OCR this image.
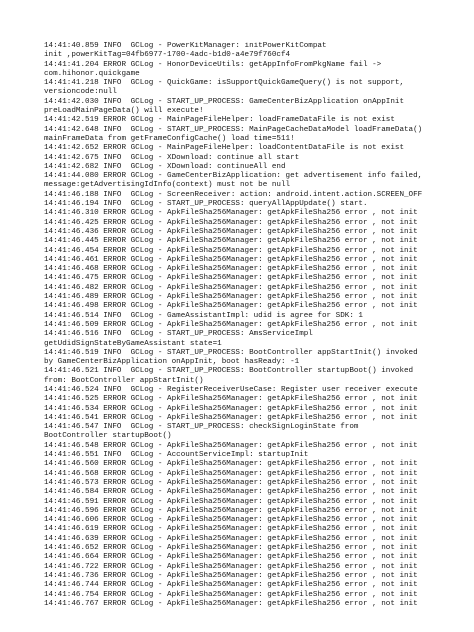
14:41:40.859 INFO  GCLog - PowerKitManager: initPowerKitCompat
init ,powerKitTag=04fb6977-1700-4adc-b1d0-a4e79f760cf4
14:41:41.204 ERROR GCLog - HonorDeviceUtils: getAppInfoFromPkgName fail ->
com.hihonor.quickgame
14:41:41.218 INFO  GCLog - QuickGame: isSupportQuickGameQuery() is not support,
versioncode:null
14:41:42.030 INFO  GCLog - START_UP_PROCESS: GameCenterBizApplication onAppInit
preLoadMainPageData() will execute!
14:41:42.519 ERROR GCLog - MainPageFileHelper: loadFrameDataFile is not exist
14:41:42.648 INFO  GCLog - START_UP_PROCESS: MainPageCacheDataModel loadFrameData()
mainFrameData from getFrameConfigCache() load time=511!
14:41:42.652 ERROR GCLog - MainPageFileHelper: loadContentDataFile is not exist
14:41:42.675 INFO  GCLog - XDownload: continue all start
14:41:42.682 INFO  GCLog - XDownload: continueAll end
14:41:44.080 ERROR GCLog - GameCenterBizApplication: get advertisement info failed,
message:getAdvertisingIdInfo(context) must not be null
14:41:46.188 INFO  GCLog - ScreenReceiver: action: android.intent.action.SCREEN_OFF
14:41:46.194 INFO  GCLog - START_UP_PROCESS: queryAllAppUpdate() start.
14:41:46.310 ERROR GCLog - ApkFileSha256Manager: getApkFileSha256 error , not init
14:41:46.425 ERROR GCLog - ApkFileSha256Manager: getApkFileSha256 error , not init
14:41:46.436 ERROR GCLog - ApkFileSha256Manager: getApkFileSha256 error , not init
14:41:46.445 ERROR GCLog - ApkFileSha256Manager: getApkFileSha256 error , not init
14:41:46.454 ERROR GCLog - ApkFileSha256Manager: getApkFileSha256 error , not init
14:41:46.461 ERROR GCLog - ApkFileSha256Manager: getApkFileSha256 error , not init
14:41:46.468 ERROR GCLog - ApkFileSha256Manager: getApkFileSha256 error , not init
14:41:46.475 ERROR GCLog - ApkFileSha256Manager: getApkFileSha256 error , not init
14:41:46.482 ERROR GCLog - ApkFileSha256Manager: getApkFileSha256 error , not init
14:41:46.489 ERROR GCLog - ApkFileSha256Manager: getApkFileSha256 error , not init
14:41:46.498 ERROR GCLog - ApkFileSha256Manager: getApkFileSha256 error , not init
14:41:46.514 INFO  GCLog - GameAssistantImpl: udid is agree for SDK: 1
14:41:46.509 ERROR GCLog - ApkFileSha256Manager: getApkFileSha256 error , not init
14:41:46.516 INFO  GCLog - START_UP_PROCESS: AmsServiceImpl
getUdidSignStateByGameAssistant state=1
14:41:46.519 INFO  GCLog - START_UP_PROCESS: BootController appStartInit() invoked
by GameCenterBizApplication onAppInit, boot hasReady: -1
14:41:46.521 INFO  GCLog - START_UP_PROCESS: BootController startupBoot() invoked
from: BootController appStartInit()
14:41:46.524 INFO  GCLog - RegisterReceiverUseCase: Register user receiver execute
14:41:46.525 ERROR GCLog - ApkFileSha256Manager: getApkFileSha256 error , not init
14:41:46.534 ERROR GCLog - ApkFileSha256Manager: getApkFileSha256 error , not init
14:41:46.541 ERROR GCLog - ApkFileSha256Manager: getApkFileSha256 error , not init
14:41:46.547 INFO  GCLog - START_UP_PROCESS: checkSignLoginState from
BootController startupBoot()
14:41:46.548 ERROR GCLog - ApkFileSha256Manager: getApkFileSha256 error , not init
14:41:46.551 INFO  GCLog - AccountServiceImpl: startupInit
14:41:46.560 ERROR GCLog - ApkFileSha256Manager: getApkFileSha256 error , not init
14:41:46.568 ERROR GCLog - ApkFileSha256Manager: getApkFileSha256 error , not init
14:41:46.573 ERROR GCLog - ApkFileSha256Manager: getApkFileSha256 error , not init
14:41:46.584 ERROR GCLog - ApkFileSha256Manager: getApkFileSha256 error , not init
14:41:46.591 ERROR GCLog - ApkFileSha256Manager: getApkFileSha256 error , not init
14:41:46.596 ERROR GCLog - ApkFileSha256Manager: getApkFileSha256 error , not init
14:41:46.606 ERROR GCLog - ApkFileSha256Manager: getApkFileSha256 error , not init
14:41:46.619 ERROR GCLog - ApkFileSha256Manager: getApkFileSha256 error , not init
14:41:46.639 ERROR GCLog - ApkFileSha256Manager: getApkFileSha256 error , not init
14:41:46.652 ERROR GCLog - ApkFileSha256Manager: getApkFileSha256 error , not init
14:41:46.664 ERROR GCLog - ApkFileSha256Manager: getApkFileSha256 error , not init
14:41:46.722 ERROR GCLog - ApkFileSha256Manager: getApkFileSha256 error , not init
14:41:46.736 ERROR GCLog - ApkFileSha256Manager: getApkFileSha256 error , not init
14:41:46.744 ERROR GCLog - ApkFileSha256Manager: getApkFileSha256 error , not init
14:41:46.754 ERROR GCLog - ApkFileSha256Manager: getApkFileSha256 error , not init
14:41:46.767 ERROR GCLog - ApkFileSha256Manager: getApkFileSha256 error , not init
